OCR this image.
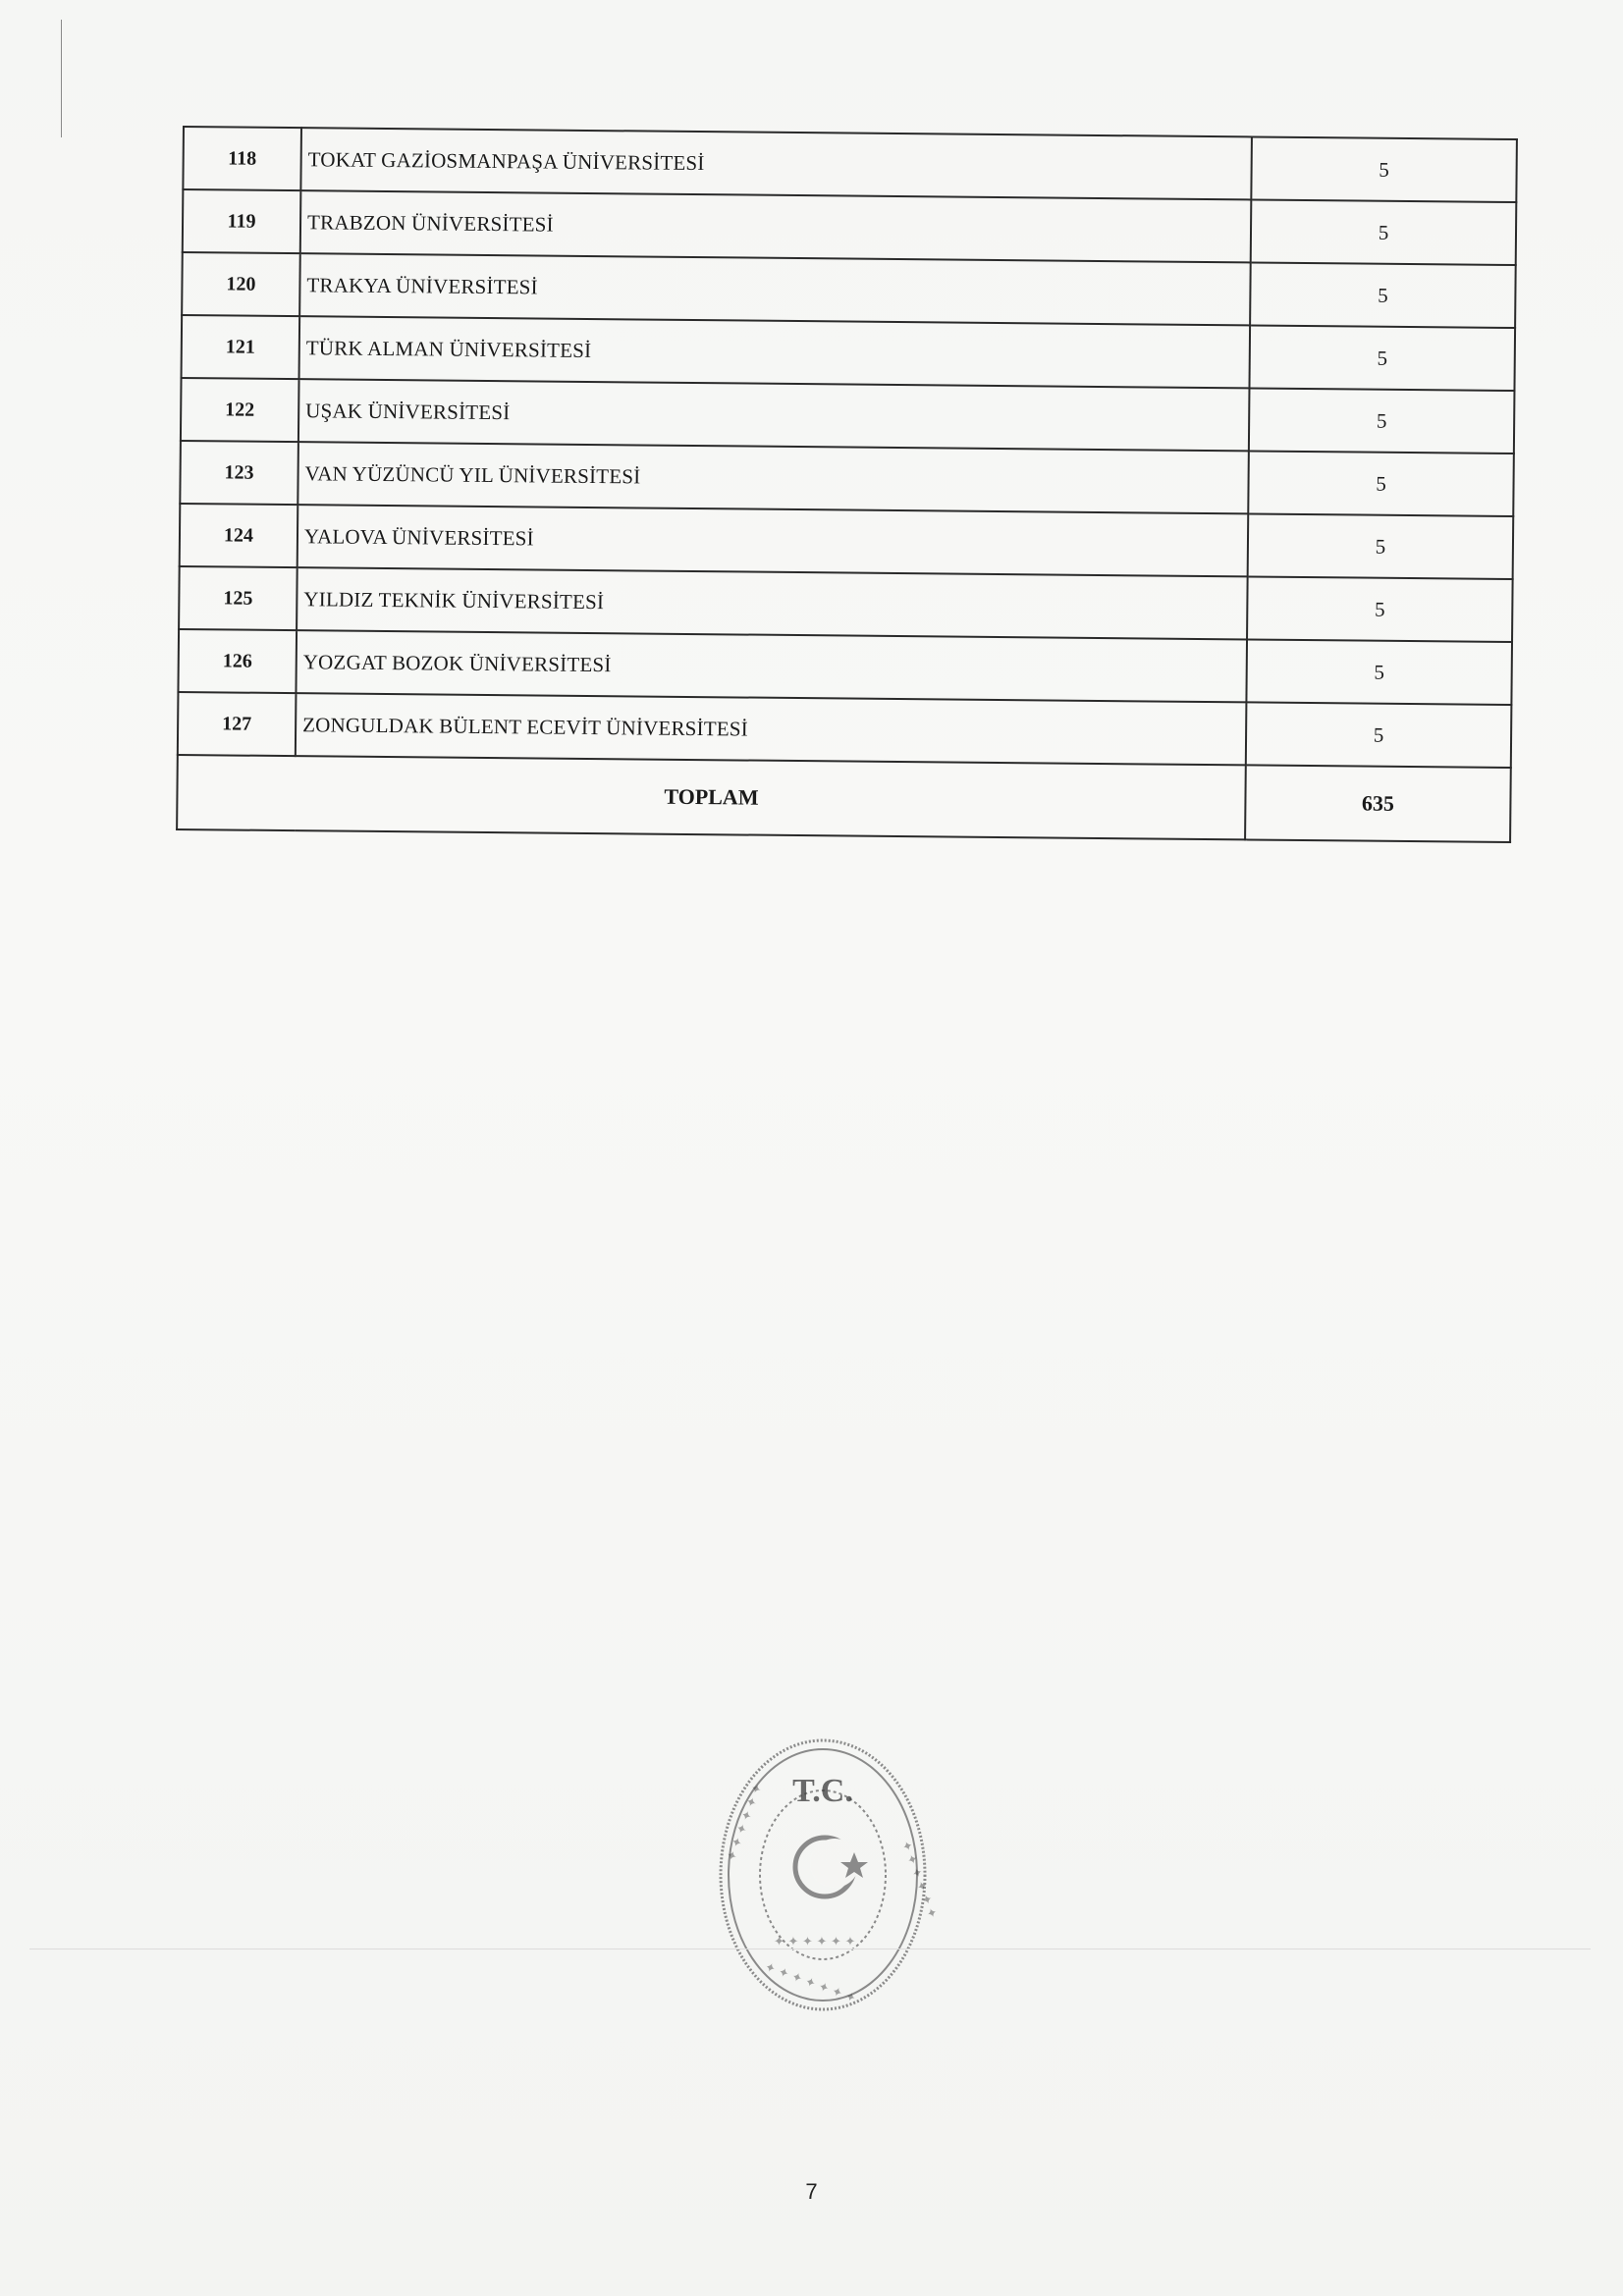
118	TOKAT GAZİOSMANPAŞA ÜNİVERSİTESİ	5
119	TRABZON ÜNİVERSİTESİ	5
120	TRAKYA ÜNİVERSİTESİ	5
121	TÜRK ALMAN ÜNİVERSİTESİ	5
122	UŞAK ÜNİVERSİTESİ	5
123	VAN YÜZÜNCÜ YIL ÜNİVERSİTESİ	5
124	YALOVA ÜNİVERSİTESİ	5
125	YILDIZ TEKNİK ÜNİVERSİTESİ	5
126	YOZGAT BOZOK ÜNİVERSİTESİ	5
127	ZONGULDAK BÜLENT ECEVİT ÜNİVERSİTESİ	5
TOPLAM		635
T.C.
✦ ✦ ✦ ✦ ✦ ✦
✦ ✦ ✦ ✦ ✦ ✦
✦ ✦ ✦ ✦ ✦ ✦ ✦
✦ ✦ ✦ ✦ ✦ ✦
7
